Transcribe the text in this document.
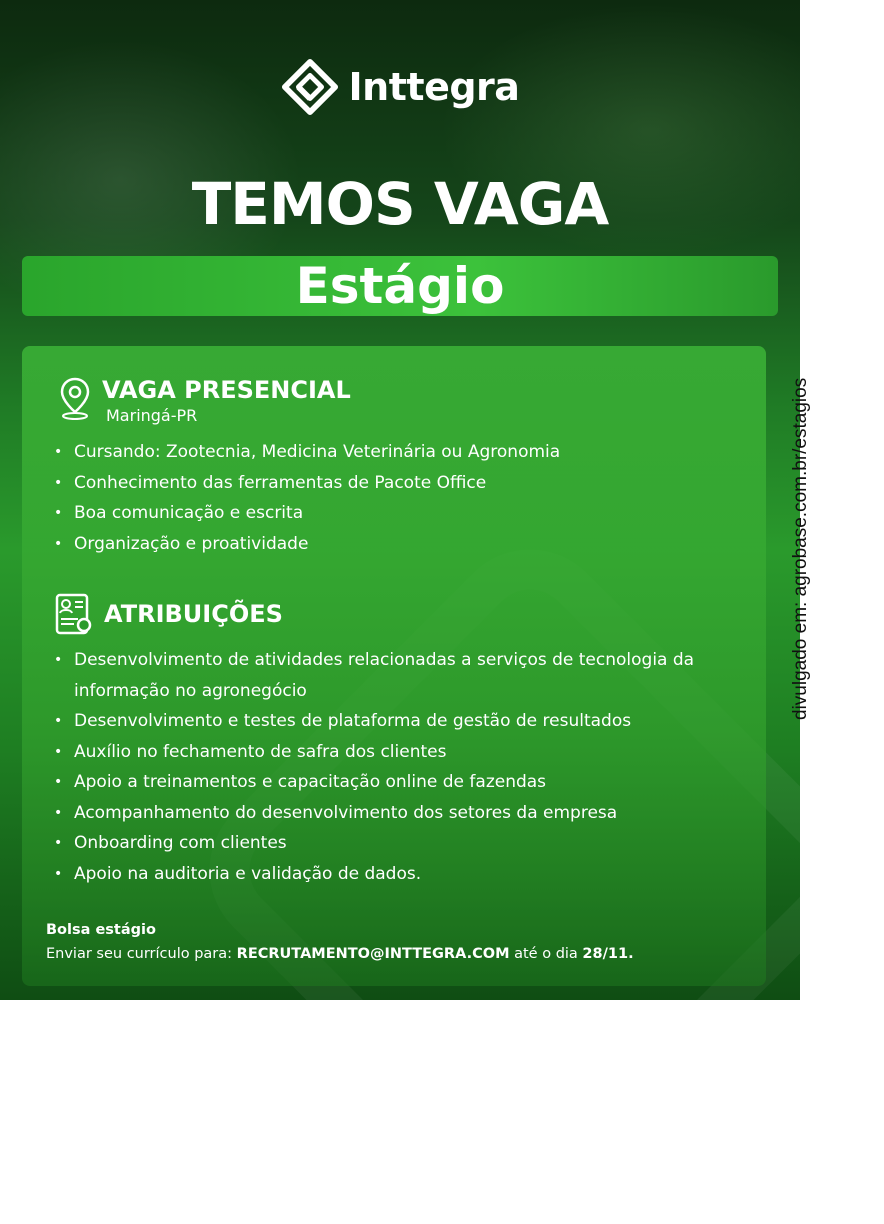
Inttegra
TEMOS VAGA
Estágio
VAGA PRESENCIAL
Maringá-PR
• Cursando: Zootecnia, Medicina Veterinária ou Agronomia
• Conhecimento das ferramentas de Pacote Office
• Boa comunicação e escrita
• Organização e proatividade
ATRIBUIÇÕES
• Desenvolvimento de atividades relacionadas a serviços de tecnologia da
informação no agronegócio
• Desenvolvimento e testes de plataforma de gestão de resultados
• Auxílio no fechamento de safra dos clientes
• Apoio a treinamentos e capacitação online de fazendas
• Acompanhamento do desenvolvimento dos setores da empresa
• Onboarding com clientes
• Apoio na auditoria e validação de dados.
Bolsa estágio
Enviar seu currículo para: RECRUTAMENTO@INTTEGRA.COM até o dia 28/11.
divulgado em: agrobase.com.br/estagios
